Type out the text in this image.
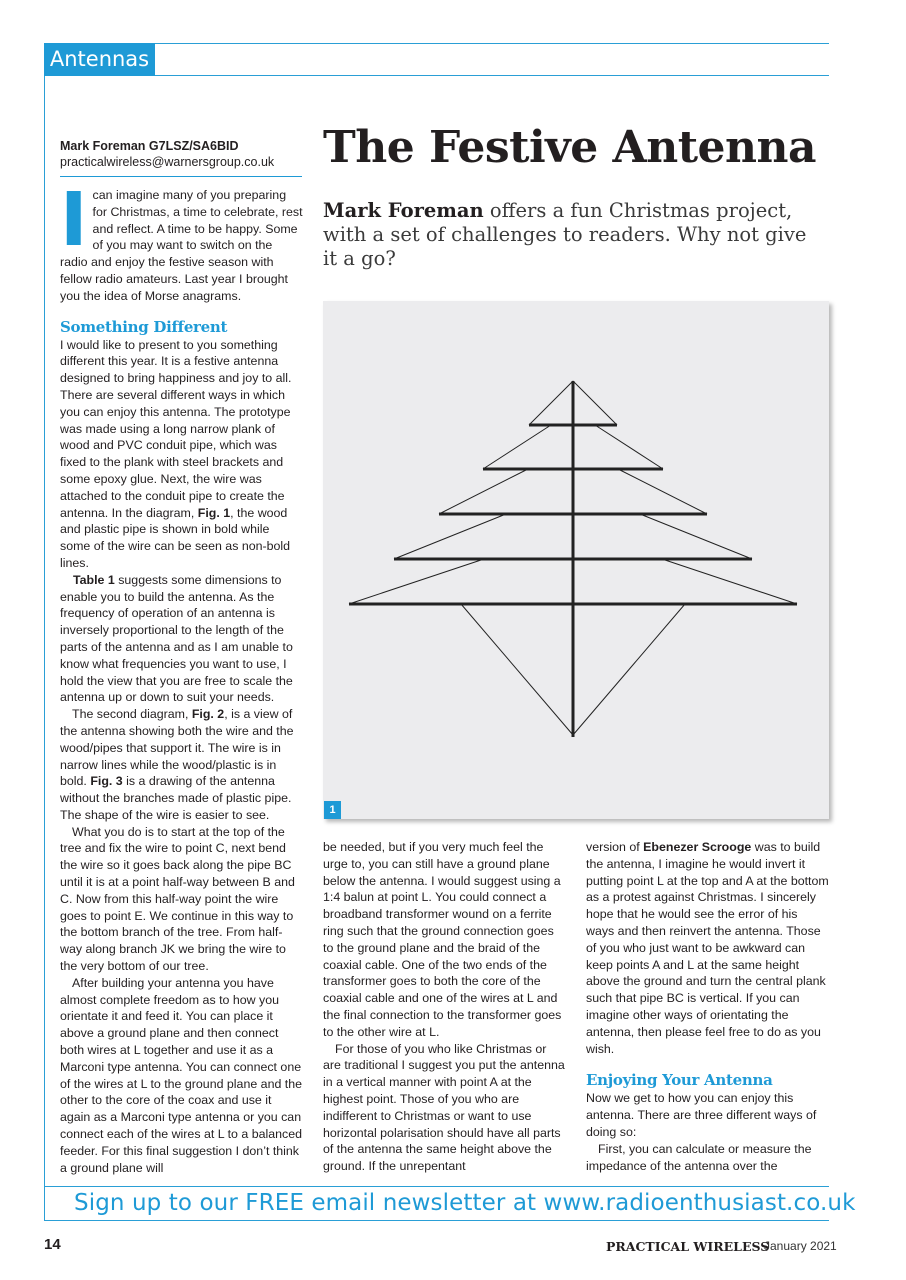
Antennas
Mark Foreman G7LSZ/SA6BID
practicalwireless@warnersgroup.co.uk The Festive Antenna
Mark Foreman offers a fun Christmas project, with a set of challenges to readers. Why not give it a go?

Ican imagine many of you preparing for Christmas, a time to celebrate, rest and reflect. A time to be happy. Some of you may want to switch on the radio and enjoy the festive season with fellow radio amateurs. Last year I brought you the idea of Morse anagrams.

Something Different

I would like to present to you something different this year. It is a festive antenna designed to bring happiness and joy to all. There are several different ways in which you can enjoy this antenna. The prototype was made using a long narrow plank of wood and PVC conduit pipe, which was fixed to the plank with steel brackets and some epoxy glue. Next, the wire was attached to the conduit pipe to create the antenna. In the diagram, Fig. 1, the wood and plastic pipe is shown in bold while some of the wire can be seen as non-bold lines.

Table 1 suggests some dimensions to enable you to build the antenna. As the frequency of operation of an antenna is inversely proportional to the length of the parts of the antenna and as I am unable to know what frequencies you want to use, I hold the view that you are free to scale the antenna up or down to suit your needs.

The second diagram, Fig. 2, is a view of the antenna showing both the wire and the wood/pipes that support it. The wire is in narrow lines while the wood/plastic is in bold. Fig. 3 is a drawing of the antenna without the branches made of plastic pipe. The shape of the wire is easier to see.

What you do is to start at the top of the tree and fix the wire to point C, next bend the wire so it goes back along the pipe BC until it is at a point half-way between B and C. Now from this half-way point the wire goes to point E. We continue in this way to the bottom branch of the tree. From half-way along branch JK we bring the wire to the very bottom of our tree.

After building your antenna you have almost complete freedom as to how you orientate it and feed it. You can place it above a ground plane and then connect both wires at L together and use it as a Marconi type antenna. You can connect one of the wires at L to the ground plane and the other to the core of the coax and use it again as a Marconi type antenna or you can connect each of the wires at L to a balanced feeder. For this final suggestion I don’t think a ground plane will

1

be needed, but if you very much feel the urge to, you can still have a ground plane below the antenna. I would suggest using a 1:4 balun at point L. You could connect a broadband transformer wound on a ferrite ring such that the ground connection goes to the ground plane and the braid of the coaxial cable. One of the two ends of the transformer goes to both the core of the coaxial cable and one of the wires at L and the final connection to the transformer goes to the other wire at L.

For those of you who like Christmas or are traditional I suggest you put the antenna in a vertical manner with point A at the highest point. Those of you who are indifferent to Christmas or want to use horizontal polarisation should have all parts of the antenna the same height above the ground. If the unrepentant

version of Ebenezer Scrooge was to build the antenna, I imagine he would invert it putting point L at the top and A at the bottom as a protest against Christmas. I sincerely hope that he would see the error of his ways and then reinvert the antenna. Those of you who just want to be awkward can keep points A and L at the same height above the ground and turn the central plank such that pipe BC is vertical. If you can imagine other ways of orientating the antenna, then please feel free to do as you wish.

Enjoying Your Antenna

Now we get to how you can enjoy this antenna. There are three different ways of doing so:

First, you can calculate or measure the impedance of the antenna over the

Sign up to our FREE email newsletter at www.radioenthusiast.co.uk
14	PRACTICAL WIRELESS
January 2021
